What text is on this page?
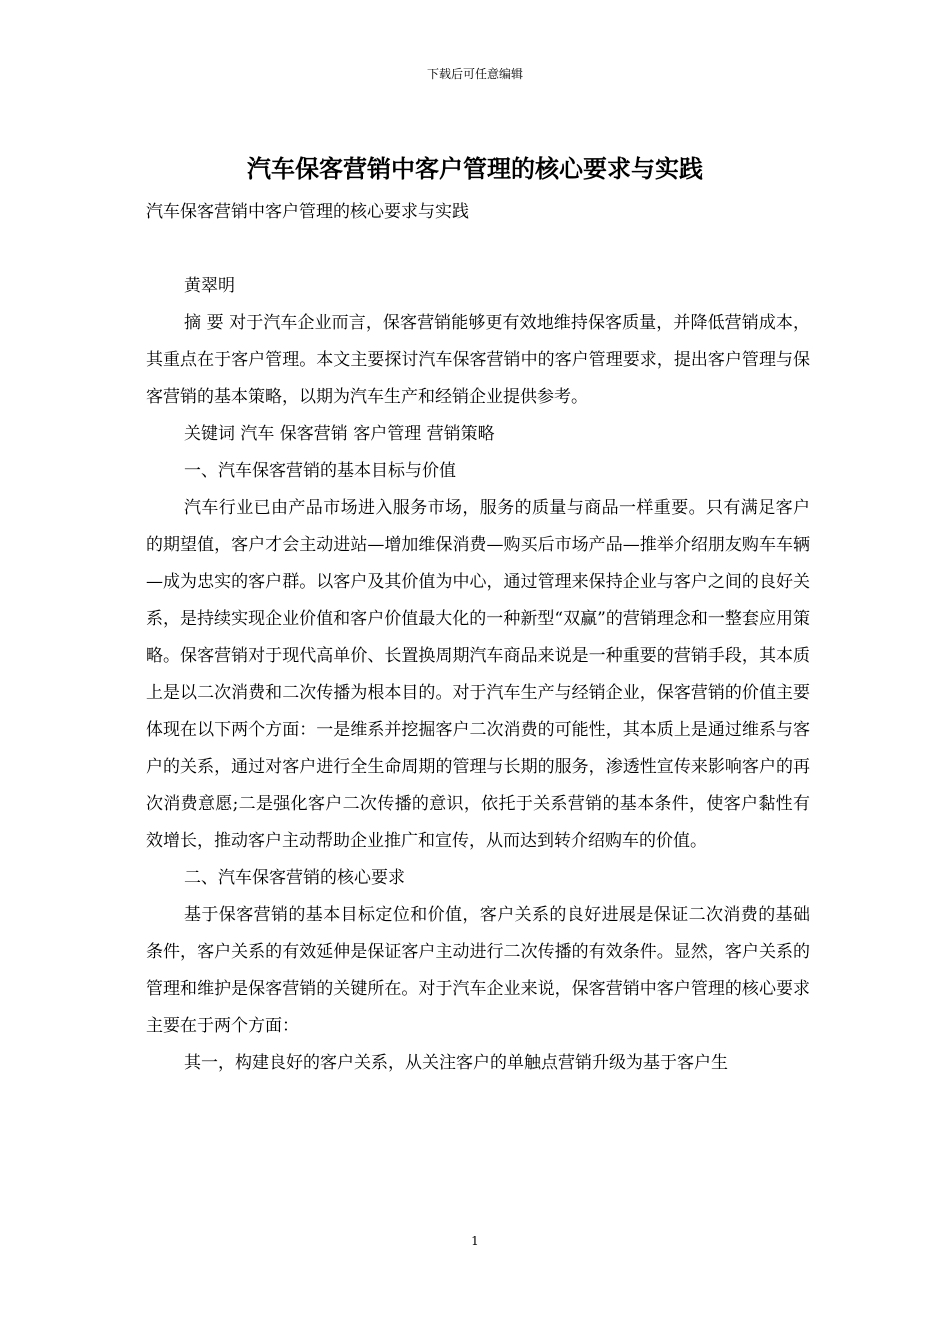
下载后可任意编辑
汽车保客营销中客户管理的核心要求与实践

汽车保客营销中客户管理的核心要求与实践

黄翠明

摘 要 对于汽车企业而言，保客营销能够更有效地维持保客质量，并降低营销成本，其重点在于客户管理。本文主要探讨汽车保客营销中的客户管理要求，提出客户管理与保客营销的基本策略，以期为汽车生产和经销企业提供参考。

关键词 汽车 保客营销 客户管理 营销策略

一、汽车保客营销的基本目标与价值

汽车行业已由产品市场进入服务市场，服务的质量与商品一样重要。只有满足客户的期望值，客户才会主动进站—增加维保消费—购买后市场产品—推举介绍朋友购车车辆—成为忠实的客户群。以客户及其价值为中心，通过管理来保持企业与客户之间的良好关系，是持续实现企业价值和客户价值最大化的一种新型“双赢”的营销理念和一整套应用策略。保客营销对于现代高单价、长置换周期汽车商品来说是一种重要的营销手段，其本质上是以二次消费和二次传播为根本目的。对于汽车生产与经销企业，保客营销的价值主要体现在以下两个方面：一是维系并挖掘客户二次消费的可能性，其本质上是通过维系与客户的关系，通过对客户进行全生命周期的管理与长期的服务，渗透性宣传来影响客户的再次消费意愿;二是强化客户二次传播的意识，依托于关系营销的基本条件，使客户黏性有效增长，推动客户主动帮助企业推广和宣传，从而达到转介绍购车的价值。

二、汽车保客营销的核心要求

基于保客营销的基本目标定位和价值，客户关系的良好进展是保证二次消费的基础条件，客户关系的有效延伸是保证客户主动进行二次传播的有效条件。显然，客户关系的管理和维护是保客营销的关键所在。对于汽车企业来说，保客营销中客户管理的核心要求主要在于两个方面：

其一，构建良好的客户关系，从关注客户的单触点营销升级为基于客户生

1
